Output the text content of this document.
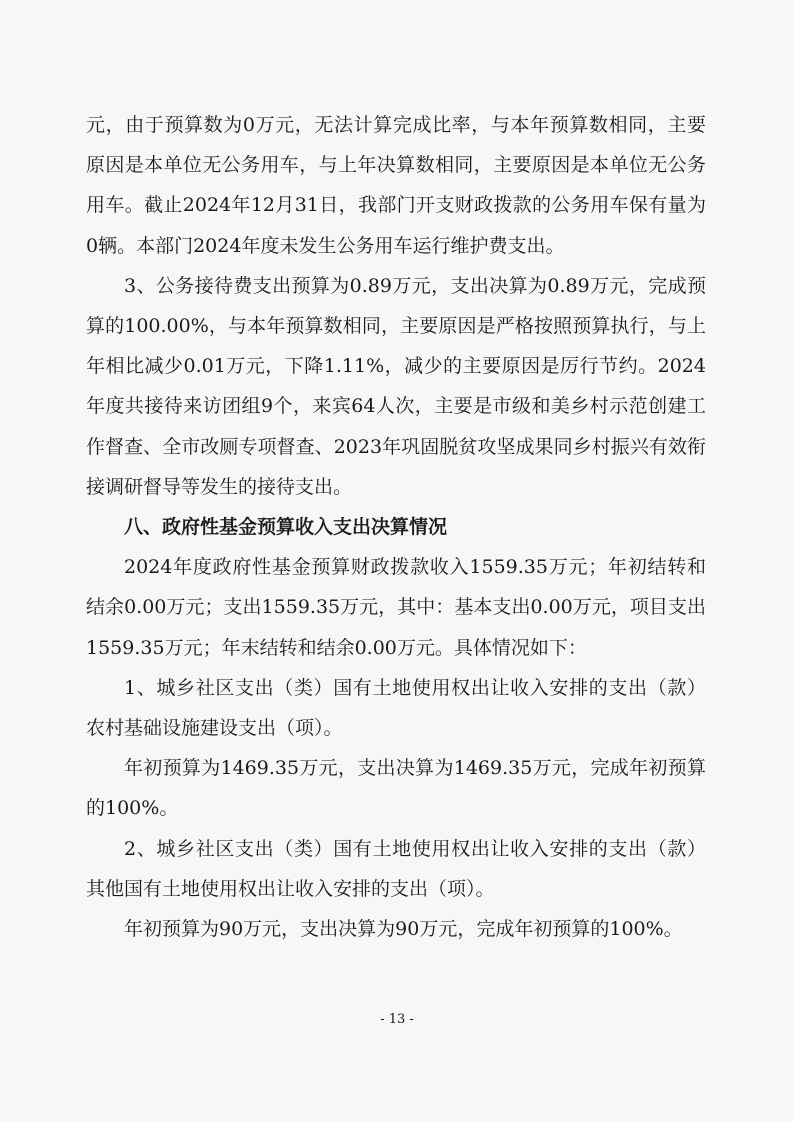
元，由于预算数为0万元，无法计算完成比率，与本年预算数相同，主要原因是本单位无公务用车，与上年决算数相同，主要原因是本单位无公务用车。截止2024年12月31日，我部门开支财政拨款的公务用车保有量为0辆。本部门2024年度未发生公务用车运行维护费支出。

3、公务接待费支出预算为0.89万元，支出决算为0.89万元，完成预算的100.00%，与本年预算数相同，主要原因是严格按照预算执行，与上年相比减少0.01万元，下降1.11%，减少的主要原因是厉行节约。2024年度共接待来访团组9个，来宾64人次，主要是市级和美乡村示范创建工作督查、全市改厕专项督查、2023年巩固脱贫攻坚成果同乡村振兴有效衔接调研督导等发生的接待支出。

八、政府性基金预算收入支出决算情况

2024年度政府性基金预算财政拨款收入1559.35万元；年初结转和结余0.00万元；支出1559.35万元，其中：基本支出0.00万元，项目支出1559.35万元；年末结转和结余0.00万元。具体情况如下：

1、城乡社区支出（类）国有土地使用权出让收入安排的支出（款）农村基础设施建设支出（项）。

年初预算为1469.35万元，支出决算为1469.35万元，完成年初预算的100%。

2、城乡社区支出（类）国有土地使用权出让收入安排的支出（款）其他国有土地使用权出让收入安排的支出（项）。

年初预算为90万元，支出决算为90万元，完成年初预算的100%。

- 13 -
